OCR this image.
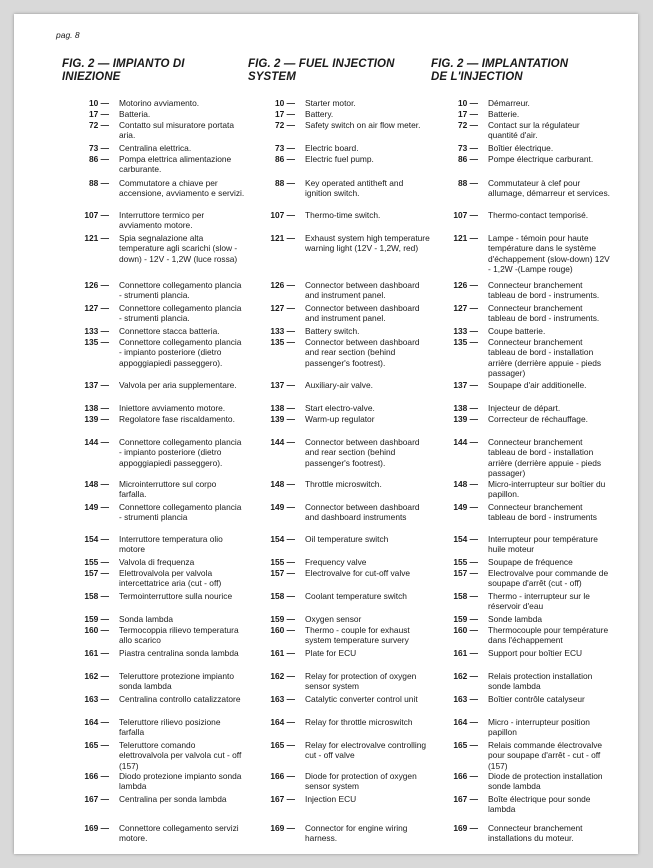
pag. 8
FIG. 2 — IMPIANTO DI
INIEZIONE
10 —	Motorino avviamento.
17 —	Batteria.
72 —	Contatto sul misuratore portata aria.
73 —	Centralina elettrica.
86 —	Pompa elettrica alimentazione carburante.
88 —	Commutatore a chiave per accensione, avviamento e servizi.
107 —	Interruttore termico per avviamento motore.
121 —	Spia segnalazione alta temperature agli scarichi (slow - down) - 12V - 1,2W (luce rossa)
126 —	Connettore collegamento plancia - strumenti plancia.
127 —	Connettore collegamento plancia - strumenti plancia.
133 —	Connettore stacca batteria.
135 —	Connettore collegamento plancia - impianto posteriore (dietro appoggiapiedi passeggero).
137 —	Valvola per aria supplementare.
138 —	Iniettore avviamento motore.
139 —	Regolatore fase riscaldamento.
144 —	Connettore collegamento plancia - impianto posteriore (dietro appoggiapiedi passeggero).
148 —	Microinterruttore sul corpo farfalla.
149 —	Connettore collegamento plancia - strumenti plancia
154 —	Interruttore temperatura olio motore
155 —	Valvola di frequenza
157 —	Elettrovalvola per valvola intercettatrice aria (cut - off)
158 —	Termointerruttore sulla nourice
159 —	Sonda lambda
160 —	Termocoppia rilievo temperatura allo scarico
161 —	Piastra centralina sonda lambda
162 —	Teleruttore protezione impianto sonda lambda
163 —	Centralina controllo catalizzatore
164 —	Teleruttore rilievo posizione farfalla
165 —	Teleruttore comando elettrovalvola per valvola cut - off (157)
166 —	Diodo protezione impianto sonda lambda
167 —	Centralina per sonda lambda
169 —	Connettore collegamento servizi motore.
FIG. 2 — FUEL INJECTION
SYSTEM
10 —	Starter motor.
17 —	Battery.
72 —	Safety switch on air flow meter.
73 —	Electric board.
86 —	Electric fuel pump.
88 —	Key operated antitheft and ignition switch.
107 —	Thermo-time switch.
121 —	Exhaust system high temperature warning light (12V - 1,2W, red)
126 —	Connector between dashboard and instrument panel.
127 —	Connector between dashboard and instrument panel.
133 —	Battery switch.
135 —	Connector between dashboard and rear section (behind passenger's footrest).
137 —	Auxiliary-air valve.
138 —	Start electro-valve.
139 —	Warm-up regulator
144 —	Connector between dashboard and rear section (behind passenger's footrest).
148 —	Throttle microswitch.
149 —	Connector between dashboard and dashboard instruments
154 —	Oil temperature switch
155 —	Frequency valve
157 —	Electrovalve for cut-off valve
158 —	Coolant temperature switch
159 —	Oxygen sensor
160 —	Thermo - couple for exhaust system temperature survery
161 —	Plate for ECU
162 —	Relay for protection of oxygen sensor system
163 —	Catalytic converter control unit
164 —	Relay for throttle microswitch
165 —	Relay for electrovalve controlling cut - off valve
166 —	Diode for protection of oxygen sensor system
167 —	Injection ECU
169 —	Connector for engine wiring harness.
FIG. 2 — IMPLANTATION
DE L'INJECTION
10 —	Démarreur.
17 —	Batterie.
72 —	Contact sur la régulateur quantité d'air.
73 —	Boîtier électrique.
86 —	Pompe électrique carburant.
88 —	Commutateur à clef pour allumage, démarreur et services.
107 —	Thermo-contact temporisé.
121 —	Lampe - témoin pour haute température dans le système d'échappement (slow-down) 12V - 1,2W -(Lampe rouge)
126 —	Connecteur branchement tableau de bord - instruments.
127 —	Connecteur branchement tableau de bord - instruments.
133 —	Coupe batterie.
135 —	Connecteur branchement tableau de bord - installation arrière (derrière appuie - pieds passager)
137 —	Soupape d'air additionelle.
138 —	Injecteur de départ.
139 —	Correcteur de réchauffage.
144 —	Connecteur branchement tableau de bord - installation arrière (derrière appuie - pieds passager)
148 —	Micro-interrupteur sur boîtier du papillon.
149 —	Connecteur branchement tableau de bord - instruments
154 —	Interrupteur pour température huile moteur
155 —	Soupape de fréquence
157 —	Electrovalve pour commande de soupape d'arrêt (cut - off)
158 —	Thermo - interrupteur sur le réservoir d'eau
159 —	Sonde lambda
160 —	Thermocouple pour température dans l'échappement
161 —	Support pour boîtier ECU
162 —	Relais protection installation sonde lambda
163 —	Boîtier contrôle catalyseur
164 —	Micro - interrupteur position papillon
165 —	Relais commande électrovalve pour soupape d'arrêt - cut - off (157)
166 —	Diode de protection installation sonde lambda
167 —	Boîte électrique pour sonde lambda
169 —	Connecteur branchement installations du moteur.
